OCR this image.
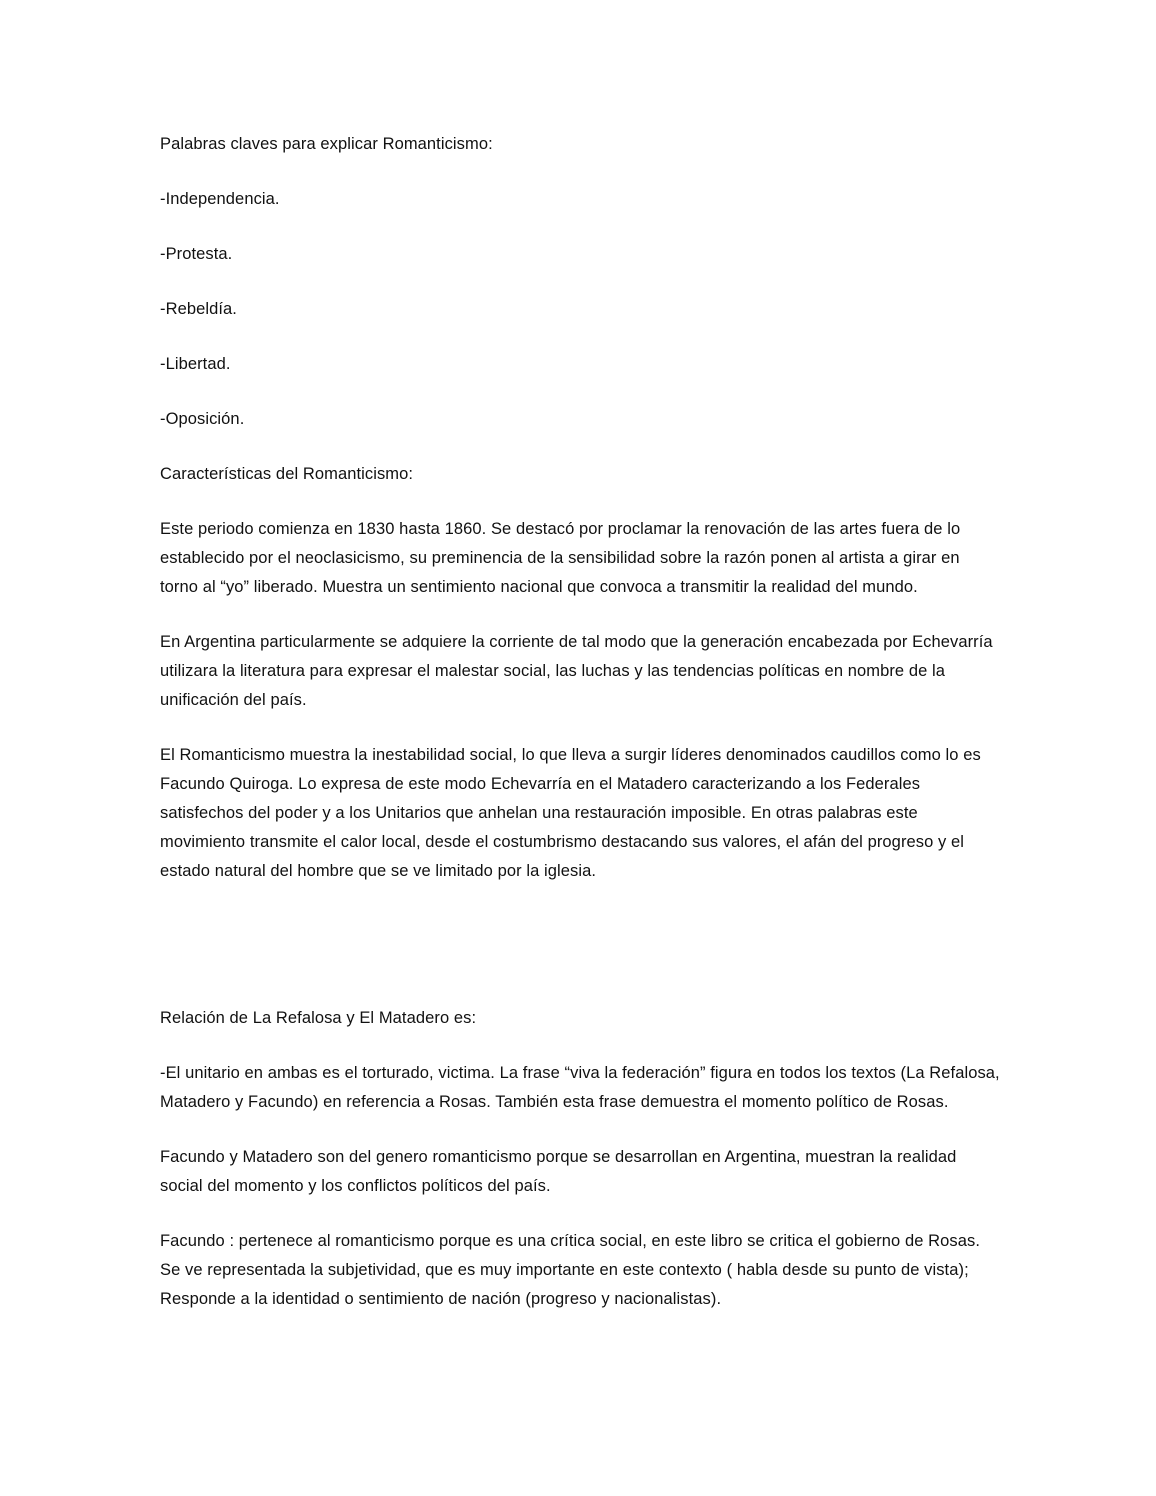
Palabras claves para explicar Romanticismo:

-Independencia.

-Protesta.

-Rebeldía.

-Libertad.

-Oposición.

Características del Romanticismo:

Este periodo comienza en 1830 hasta 1860. Se destacó por proclamar la renovación de las artes fuera de lo establecido por el neoclasicismo, su preminencia de la sensibilidad sobre la razón ponen al artista a girar en torno al “yo” liberado. Muestra un sentimiento nacional que convoca a transmitir la realidad del mundo.

En Argentina particularmente se adquiere la corriente de tal modo que la generación encabezada por Echevarría utilizara la literatura para expresar el malestar social, las luchas y las tendencias políticas en nombre de la unificación del país.

El Romanticismo muestra la inestabilidad social, lo que lleva a surgir líderes denominados caudillos como lo es Facundo Quiroga. Lo expresa de este modo Echevarría en el Matadero caracterizando a los Federales satisfechos del poder y a los Unitarios que anhelan una restauración imposible. En otras palabras este movimiento transmite el calor local, desde el costumbrismo destacando sus valores, el afán del progreso y el estado natural del hombre que se ve limitado por la iglesia.

Relación de La Refalosa y El Matadero es:

-El unitario en ambas es el torturado, victima. La frase “viva la federación” figura en todos los textos (La Refalosa, Matadero y Facundo) en referencia a Rosas. También esta frase demuestra el momento político de Rosas.

Facundo y Matadero son del genero romanticismo porque se desarrollan en Argentina, muestran la realidad social del momento y los conflictos políticos del país.

Facundo : pertenece al romanticismo porque es una crítica social, en este libro se critica el gobierno de Rosas. Se ve representada la subjetividad, que es muy importante en este contexto ( habla desde su punto de vista); Responde a la identidad o sentimiento de nación (progreso y nacionalistas).
